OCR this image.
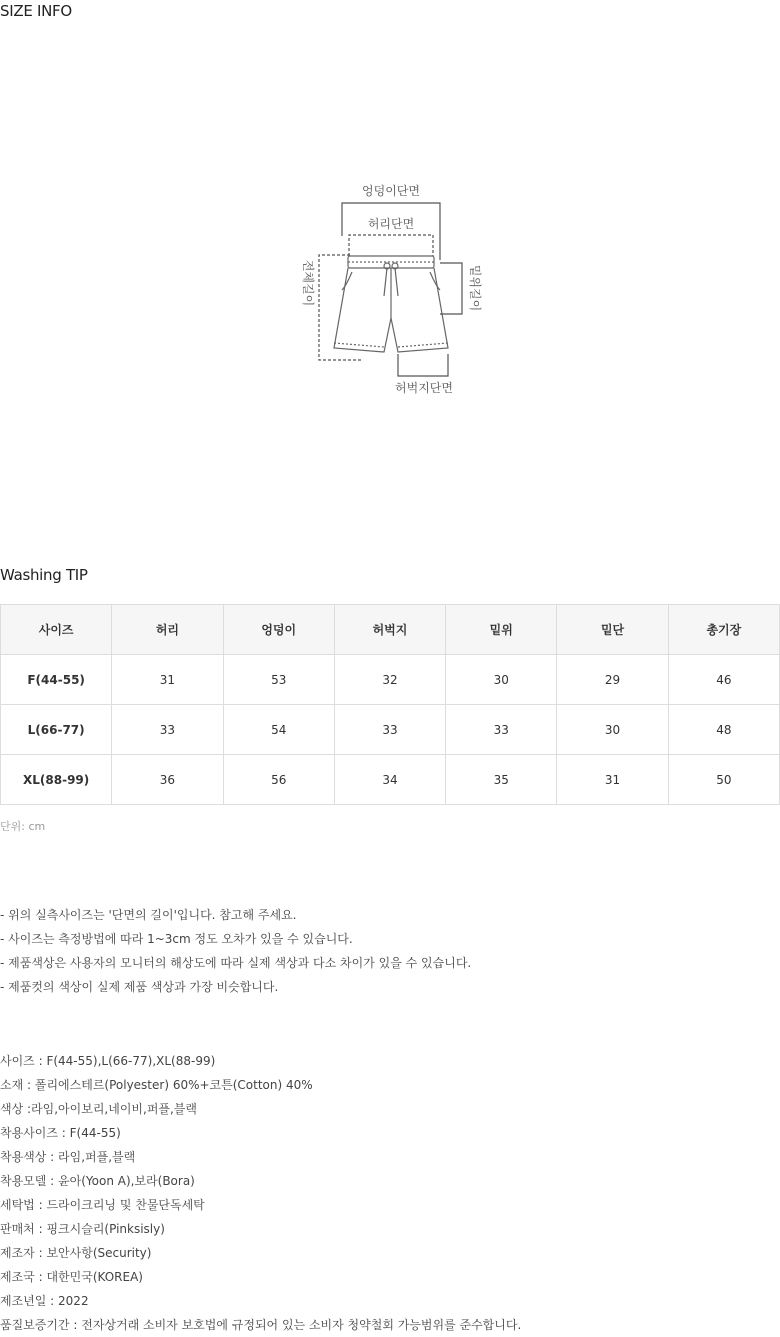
SIZE INFO
엉덩이단면
허리단면
전체길이	밑위길이
허벅지단면
Washing TIP
사이즈	허리	엉덩이	허벅지	밑위	밑단	총기장
F(44-55)	31	53	32	30	29	46
L(66-77)	33	54	33	33	30	48
XL(88-99)	36	56	34	35	31	50
단위: cm
- 위의 실측사이즈는 '단면의 길이'입니다. 참고해 주세요.
- 사이즈는 측정방법에 따라 1~3cm 정도 오차가 있을 수 있습니다.
- 제품색상은 사용자의 모니터의 해상도에 따라 실제 색상과 다소 차이가 있을 수 있습니다.
- 제품컷의 색상이 실제 제품 색상과 가장 비슷합니다.
사이즈 : F(44-55),L(66-77),XL(88-99)
소재 : 폴리에스테르(Polyester) 60%+코튼(Cotton) 40%
색상 :라임,아이보리,네이비,퍼플,블랙
착용사이즈 : F(44-55)
착용색상 : 라임,퍼플,블랙
착용모델 : 윤아(Yoon A),보라(Bora)
세탁법 : 드라이크리닝 및 찬물단독세탁
판매처 : 핑크시슬리(Pinksisly)
제조자 : 보안사항(Security)
제조국 : 대한민국(KOREA)
제조년일 : 2022
품질보증기간 : 전자상거래 소비자 보호법에 규정되어 있는 소비자 청약철회 가능범위를 준수합니다.
